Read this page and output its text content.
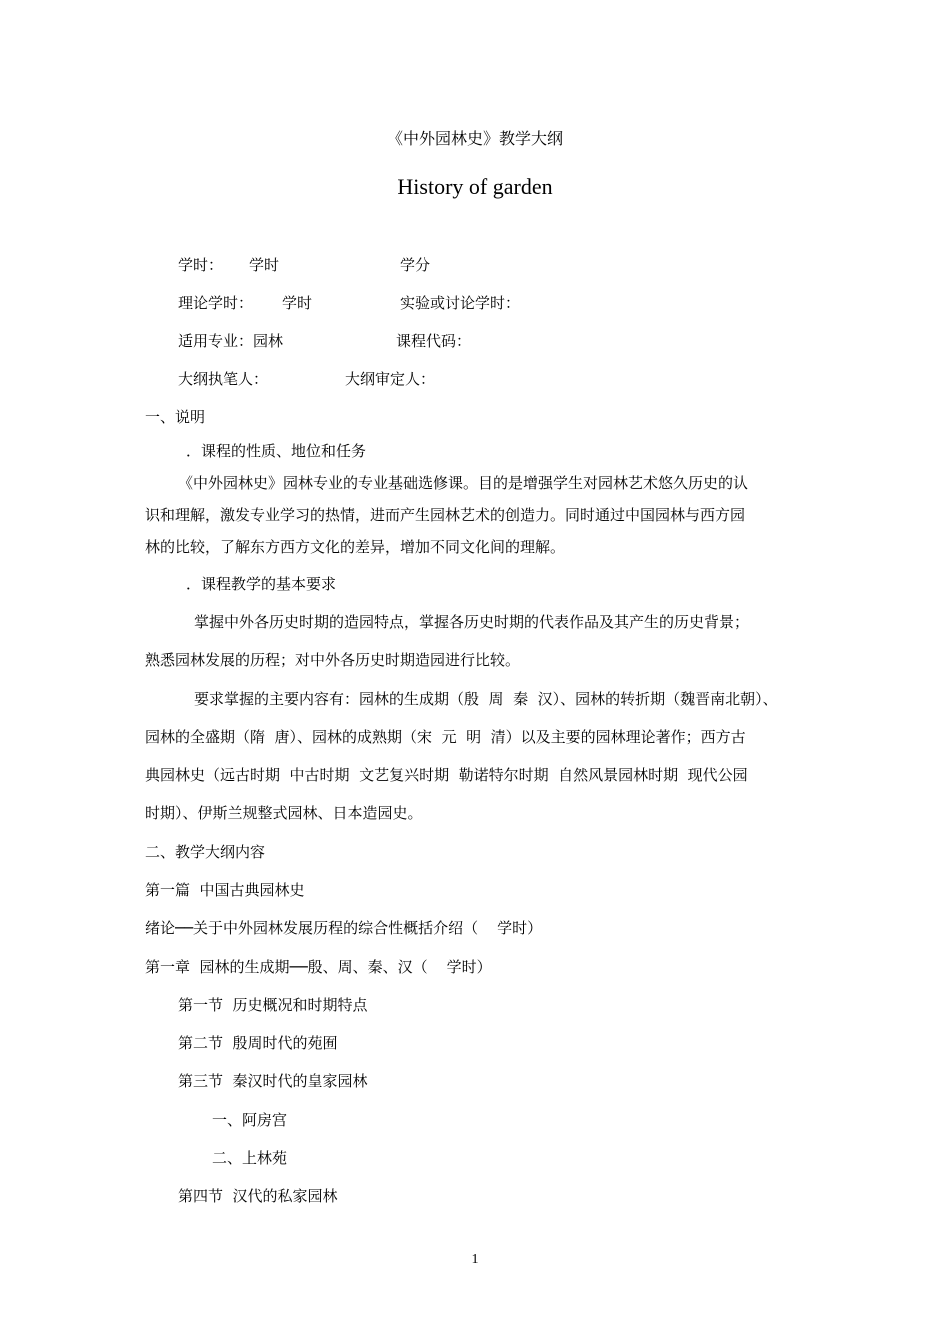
《中外园林史》教学大纲
History of garden
学时： 学时	学分
理论学时： 学时	实验或讨论学时：
适用专业：园林	课程代码：
大纲执笔人：	大纲审定人：
一、说明
．课程的性质、地位和任务
《中外园林史》园林专业的专业基础选修课。目的是增强学生对园林艺术悠久历史的认
识和理解，激发专业学习的热情，进而产生园林艺术的创造力。同时通过中国园林与西方园
林的比较，了解东方西方文化的差异，增加不同文化间的理解。
．课程教学的基本要求
掌握中外各历史时期的造园特点，掌握各历史时期的代表作品及其产生的历史背景；
熟悉园林发展的历程；对中外各历史时期造园进行比较。
要求掌握的主要内容有：园林的生成期（殷  周  秦  汉）、园林的转折期（魏晋南北朝）、
园林的全盛期（隋  唐）、园林的成熟期（宋  元  明  清）以及主要的园林理论著作；西方古
典园林史（远古时期  中古时期  文艺复兴时期  勒诺特尔时期  自然风景园林时期  现代公园
时期）、伊斯兰规整式园林、日本造园史。
二、教学大纲内容
第一篇  中国古典园林史
绪论──关于中外园林发展历程的综合性概括介绍（    学时）
第一章  园林的生成期──殷、周、秦、汉（    学时）
第一节  历史概况和时期特点
第二节  殷周时代的苑囿
第三节  秦汉时代的皇家园林
一、阿房宫
二、上林苑
第四节  汉代的私家园林
1
